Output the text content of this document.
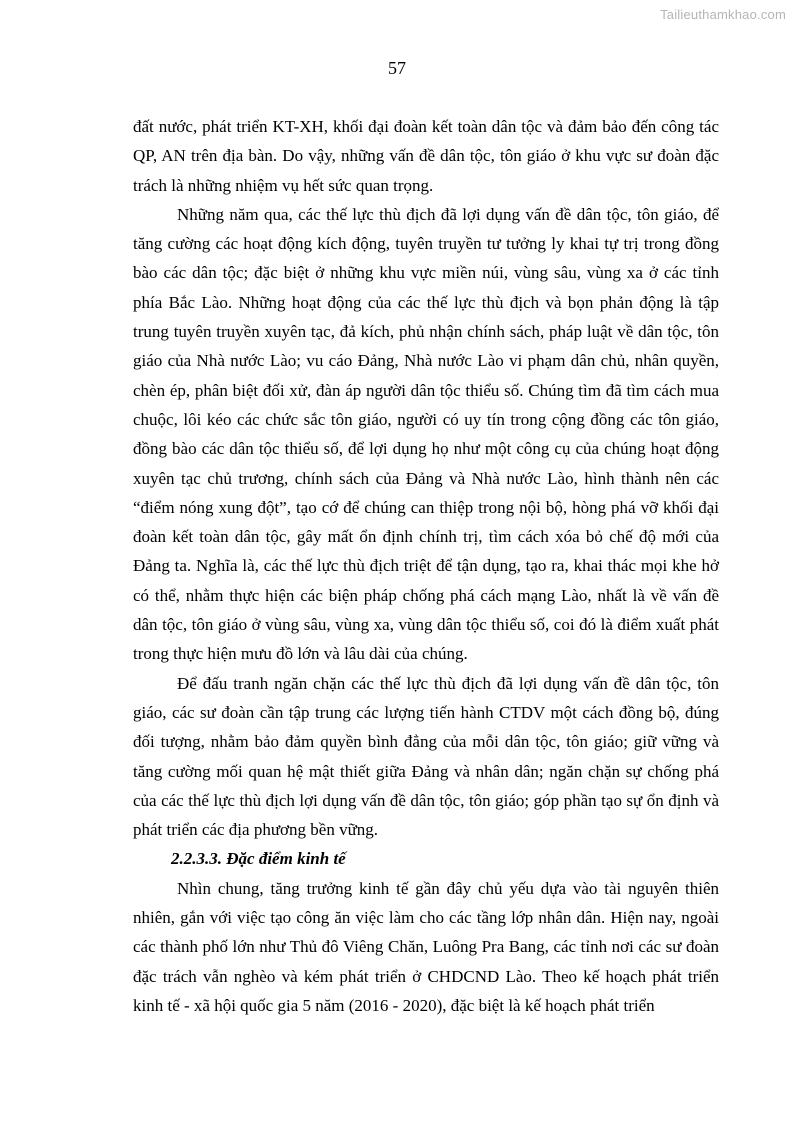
Tailieuthamkhao.com
57

đất nước, phát triển KT-XH, khối đại đoàn kết toàn dân tộc và đảm bảo đến công tác QP, AN trên địa bàn. Do vậy, những vấn đề dân tộc, tôn giáo ở khu vực sư đoàn đặc trách là những nhiệm vụ hết sức quan trọng.

Những năm qua, các thế lực thù địch đã lợi dụng vấn đề dân tộc, tôn giáo, để tăng cường các hoạt động kích động, tuyên truyền tư tưởng ly khai tự trị trong đồng bào các dân tộc; đặc biệt ở những khu vực miền núi, vùng sâu, vùng xa ở các tỉnh phía Bắc Lào. Những hoạt động của các thế lực thù địch và bọn phản động là tập trung tuyên truyền xuyên tạc, đả kích, phủ nhận chính sách, pháp luật về dân tộc, tôn giáo của Nhà nước Lào; vu cáo Đảng, Nhà nước Lào vi phạm dân chủ, nhân quyền, chèn ép, phân biệt đối xử, đàn áp người dân tộc thiểu số. Chúng tìm đã tìm cách mua chuộc, lôi kéo các chức sắc tôn giáo, người có uy tín trong cộng đồng các tôn giáo, đồng bào các dân tộc thiểu số, để lợi dụng họ như một công cụ của chúng hoạt động xuyên tạc chủ trương, chính sách của Đảng và Nhà nước Lào, hình thành nên các “điểm nóng xung đột”, tạo cớ để chúng can thiệp trong nội bộ, hòng phá vỡ khối đại đoàn kết toàn dân tộc, gây mất ổn định chính trị, tìm cách xóa bỏ chế độ mới của Đảng ta. Nghĩa là, các thế lực thù địch triệt để tận dụng, tạo ra, khai thác mọi khe hở có thể, nhằm thực hiện các biện pháp chống phá cách mạng Lào, nhất là về vấn đề dân tộc, tôn giáo ở vùng sâu, vùng xa, vùng dân tộc thiểu số, coi đó là điểm xuất phát trong thực hiện mưu đồ lớn và lâu dài của chúng.

Để đấu tranh ngăn chặn các thế lực thù địch đã lợi dụng vấn đề dân tộc, tôn giáo, các sư đoàn cần tập trung các lượng tiến hành CTDV một cách đồng bộ, đúng đối tượng, nhằm bảo đảm quyền bình đẳng của mỗi dân tộc, tôn giáo; giữ vững và tăng cường mối quan hệ mật thiết giữa Đảng và nhân dân; ngăn chặn sự chống phá của các thế lực thù địch lợi dụng vấn đề dân tộc, tôn giáo; góp phần tạo sự ổn định và phát triển các địa phương bền vững.

2.2.3.3. Đặc điểm kinh tế

Nhìn chung, tăng trưởng kinh tế gần đây chủ yếu dựa vào tài nguyên thiên nhiên, gắn với việc tạo công ăn việc làm cho các tầng lớp nhân dân. Hiện nay, ngoài các thành phố lớn như Thủ đô Viêng Chăn, Luông Pra Bang, các tỉnh nơi các sư đoàn đặc trách vẫn nghèo và kém phát triển ở CHDCND Lào. Theo kế hoạch phát triển kinh tế - xã hội quốc gia 5 năm (2016 - 2020), đặc biệt là kế hoạch phát triển
